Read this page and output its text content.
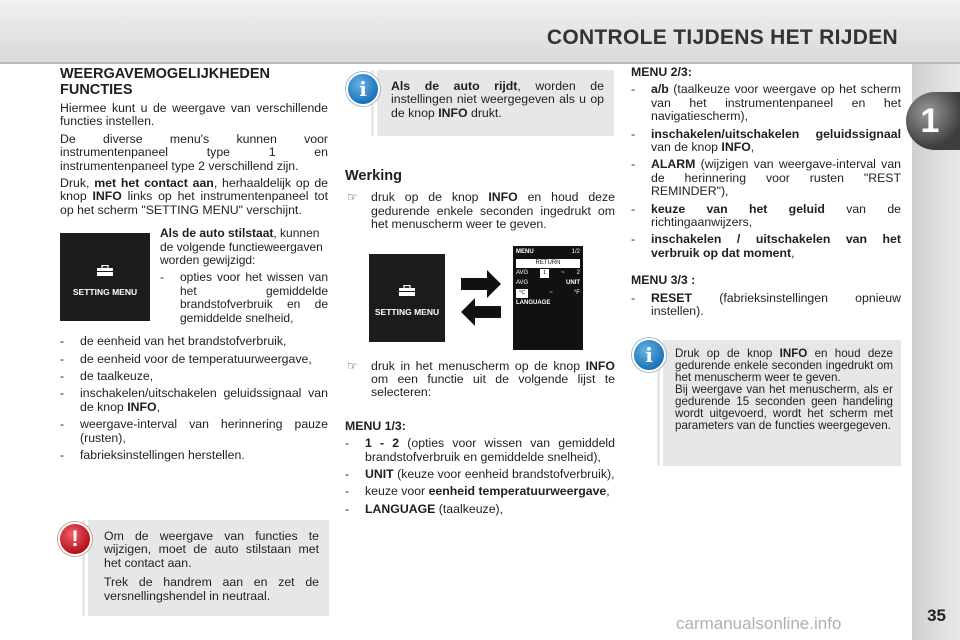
CONTROLE TIJDENS HET RIJDEN
1
WEERGAVEMOGELIJKHEDEN FUNCTIES

Hiermee kunt u de weergave van verschillende functies instellen.

De diverse menu's kunnen voor instrumentenpaneel type 1 en instrumentenpaneel type 2 verschillend zijn.

Druk, met het contact aan, herhaaldelijk op de knop INFO links op het instrumentenpaneel tot op het scherm "SETTING MENU" verschijnt.

SETTING MENU
Als de auto stilstaat, kunnen de volgende functieweergaven worden gewijzigd:
- opties voor het wissen van het gemiddelde brandstofverbruik en de gemiddelde snelheid,
- de eenheid van het brandstofverbruik,
- de eenheid voor de temperatuurweergave,
- de taalkeuze,
- inschakelen/uitschakelen geluidssignaal van de knop INFO,
- weergave-interval van herinnering pauze (rusten),
- fabrieksinstellingen herstellen.

Om de weergave van functies te wijzigen, moet de auto stilstaan met het contact aan.

Trek de handrem aan en zet de versnellingshendel in neutraal.

!

Als de auto rijdt, worden de instellingen niet weergegeven als u op de knop INFO drukt.

i
Werking
☞ druk op de knop INFO en houd deze gedurende enkele seconden ingedrukt om het menuscherm weer te geven.
SETTING MENU
MENU	1/2
RETURN
AVG	1	~ 2
AVG	UNIT
°C	~	°F
LANGUAGE
☞ druk in het menuscherm op de knop INFO om een functie uit de volgende lijst te selecteren:
MENU 1/3:
- 1 - 2 (opties voor wissen van gemiddeld brandstofverbruik en gemiddelde snelheid),
- UNIT (keuze voor eenheid brandstofverbruik),
- keuze voor eenheid temperatuurweergave,
- LANGUAGE (taalkeuze),
MENU 2/3:
- a/b (taalkeuze voor weergave op het scherm van het instrumentenpaneel en het navigatiescherm),
- inschakelen/uitschakelen geluidssignaal van de knop INFO,
- ALARM (wijzigen van weergave-interval van de herinnering voor rusten "REST REMINDER"),
- keuze van het geluid van de richtingaanwijzers,
- inschakelen / uitschakelen van het verbruik op dat moment,
MENU 3/3 :
- RESET (fabrieksinstellingen opnieuw instellen).

Druk op de knop INFO en houd deze gedurende enkele seconden ingedrukt om het menuscherm weer te geven.

Bij weergave van het menuscherm, als er gedurende 15 seconden geen handeling wordt uitgevoerd, wordt het scherm met parameters van de functies weergegeven.

i
carmanualsonline.info	35
